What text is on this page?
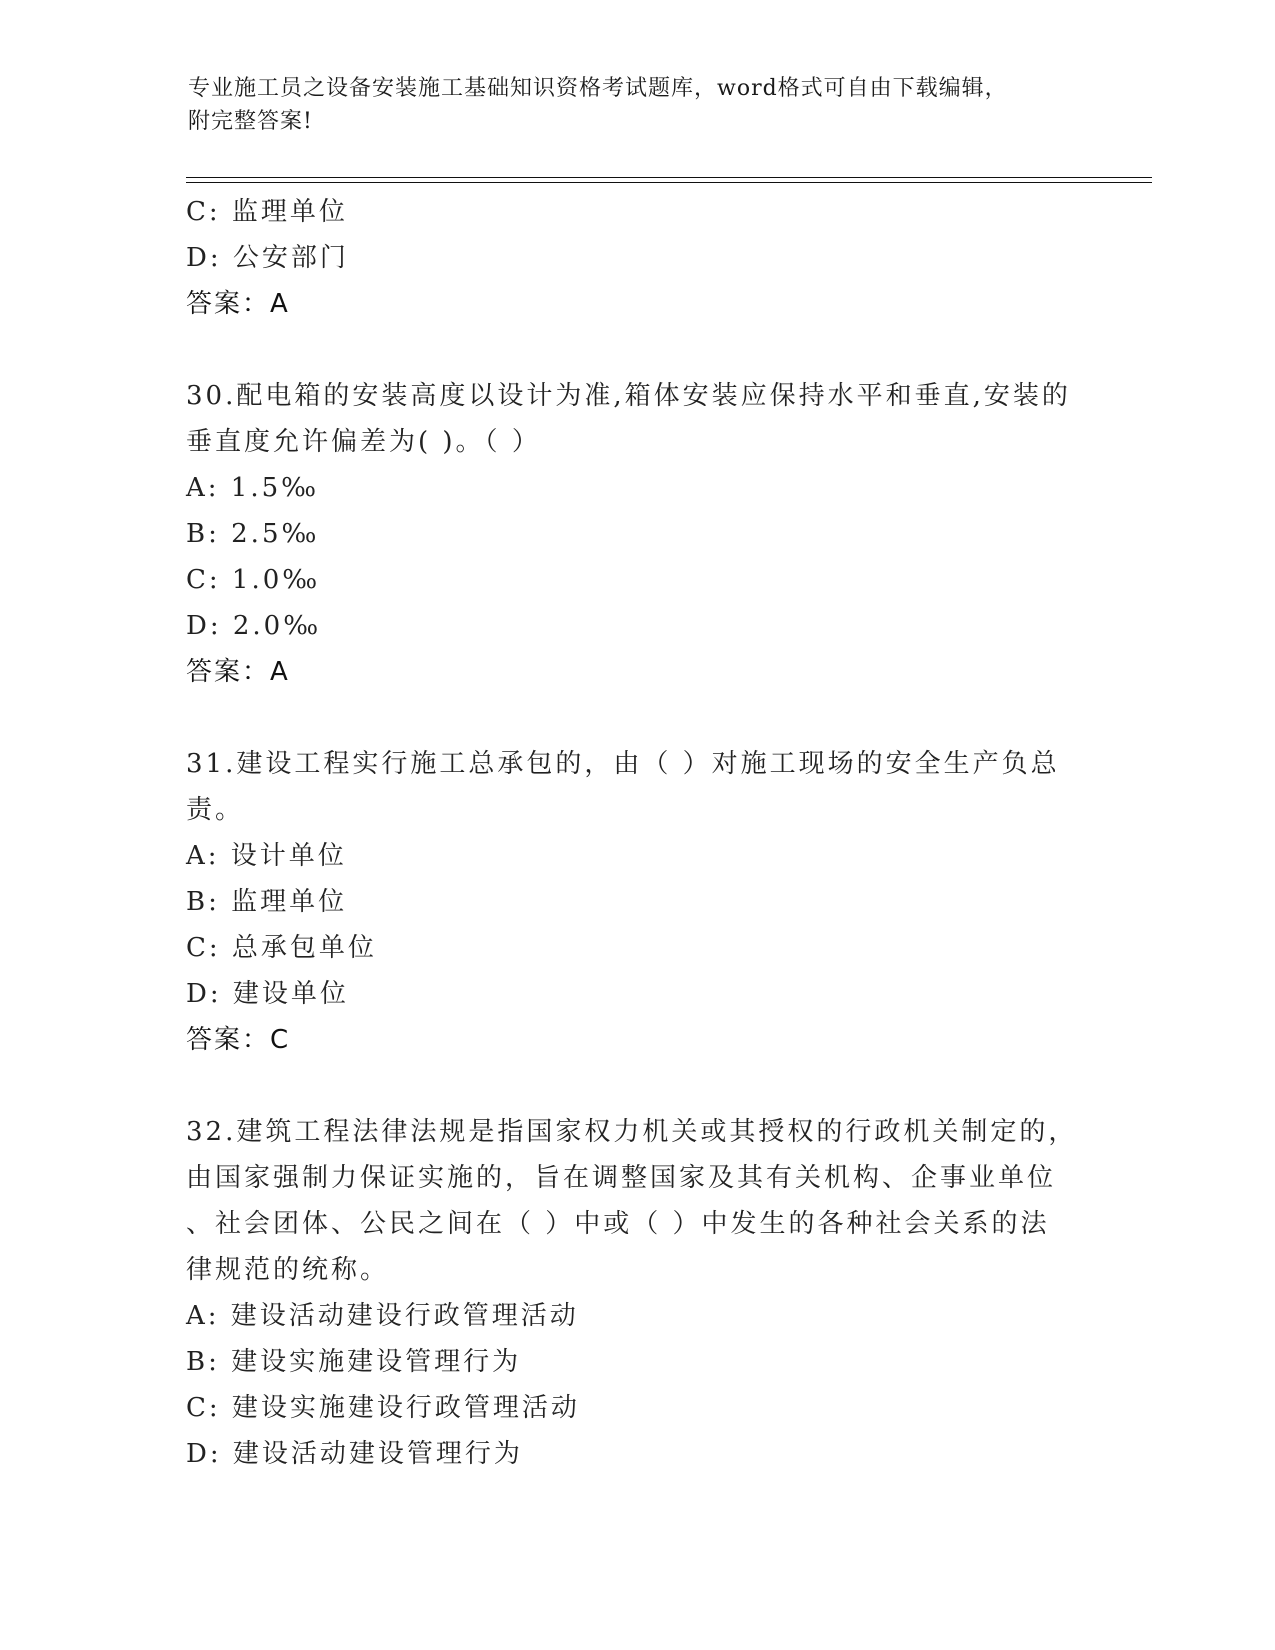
专业施工员之设备安装施工基础知识资格考试题库，word格式可自由下载编辑，
附完整答案!
C: 监理单位
D: 公安部门
答案：A
30.配电箱的安装高度以设计为准,箱体安装应保持水平和垂直,安装的
垂直度允许偏差为( )。（ ）
A: 1.5‰
B: 2.5‰
C: 1.0‰
D: 2.0‰
答案：A
31.建设工程实行施工总承包的，由（ ）对施工现场的安全生产负总
责。
A: 设计单位
B: 监理单位
C: 总承包单位
D: 建设单位
答案：C
32.建筑工程法律法规是指国家权力机关或其授权的行政机关制定的，
由国家强制力保证实施的，旨在调整国家及其有关机构、企事业单位
、社会团体、公民之间在（ ）中或（ ）中发生的各种社会关系的法
律规范的统称。
A: 建设活动建设行政管理活动
B: 建设实施建设管理行为
C: 建设实施建设行政管理活动
D: 建设活动建设管理行为
